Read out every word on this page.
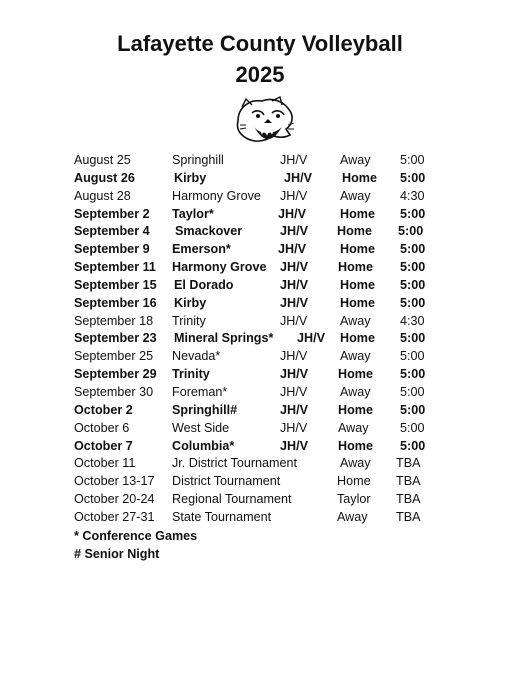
Lafayette County Volleyball
2025
August 25	Springhill	JH/V	Away 5:00
August 26	Kirby	JH/V Home 5:00
August 28	Harmony Grove JH/V	Away 4:30
September 2 Taylor*	JH/V	Home 5:00
September 4 Smackover	JH/V Home 5:00
September 9 Emerson*	JH/V	Home 5:00
September 11 Harmony Grove JH/V Home 5:00
September 15 El Dorado	JH/V	Home 5:00
September 16 Kirby	JH/V	Home 5:00
September 18 Trinity	JH/V	Away 4:30
September 23 Mineral Springs* JH/V Home 5:00
September 25 Nevada*	JH/V	Away 5:00
September 29 Trinity	JH/V Home 5:00
September 30 Foreman*	JH/V	Away 5:00
October 2	Springhill#	JH/V Home 5:00
October 6	West Side	JH/V Away 5:00
October 7	Columbia*	JH/V Home 5:00
October 11	Jr. District Tournament	Away TBA
October 13-17 District Tournament	Home TBA
October 20-24 Regional Tournament	Taylor TBA
October 27-31 State Tournament	Away TBA
* Conference Games
# Senior Night
